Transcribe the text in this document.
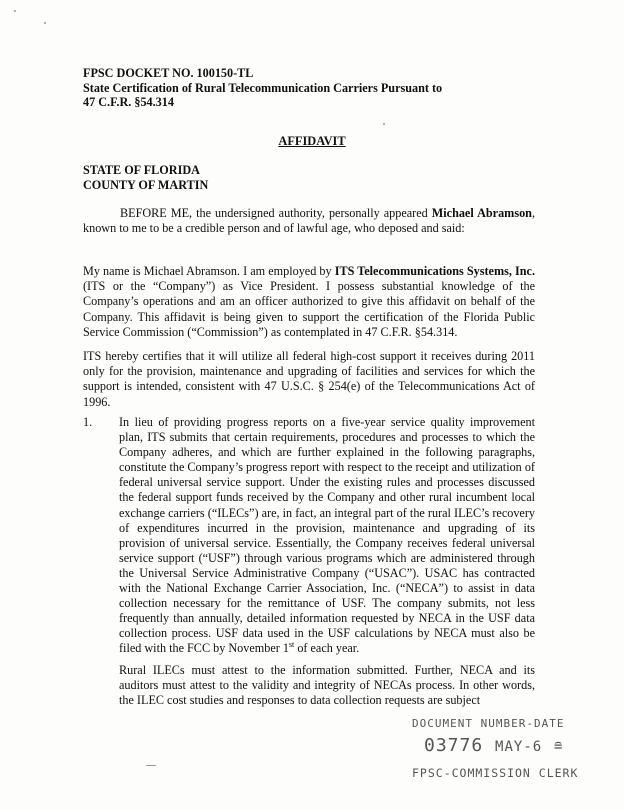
FPSC DOCKET NO. 100150-TL
State Certification of Rural Telecommunication Carriers Pursuant to
47 C.F.R. §54.314
AFFIDAVIT
STATE OF FLORIDA
COUNTY OF MARTIN
BEFORE ME, the undersigned authority, personally appeared Michael Abramson, known to me to be a credible person and of lawful age, who deposed and said:
My name is Michael Abramson. I am employed by ITS Telecommunications Systems, Inc. (ITS or the “Company”) as Vice President. I possess substantial knowledge of the Company’s operations and am an officer authorized to give this affidavit on behalf of the Company. This affidavit is being given to support the certification of the Florida Public Service Commission (“Commission”) as contemplated in 47 C.F.R. §54.314.
ITS hereby certifies that it will utilize all federal high-cost support it receives during 2011 only for the provision, maintenance and upgrading of facilities and services for which the support is intended, consistent with 47 U.S.C. § 254(e) of the Telecommunications Act of 1996.
1. In lieu of providing progress reports on a five-year service quality improvement plan, ITS submits that certain requirements, procedures and processes to which the Company adheres, and which are further explained in the following paragraphs, constitute the Company’s progress report with respect to the receipt and utilization of federal universal service support. Under the existing rules and processes discussed the federal support funds received by the Company and other rural incumbent local exchange carriers (“ILECs”) are, in fact, an integral part of the rural ILEC’s recovery of expenditures incurred in the provision, maintenance and upgrading of its provision of universal service. Essentially, the Company receives federal universal service support (“USF”) through various programs which are administered through the Universal Service Administrative Company (“USAC”). USAC has contracted with the National Exchange Carrier Association, Inc. (“NECA”) to assist in data collection necessary for the remittance of USF. The company submits, not less frequently than annually, detailed information requested by NECA in the USF data collection process. USF data used in the USF calculations by NECA must also be filed with the FCC by November 1st of each year.
Rural ILECs must attest to the information submitted. Further, NECA and its auditors must attest to the validity and integrity of NECAs process. In other words, the ILEC cost studies and responses to data collection requests are subject
DOCUMENT NUMBER-DATE
03776 MAY-6 ≘
FPSC-COMMISSION CLERK
